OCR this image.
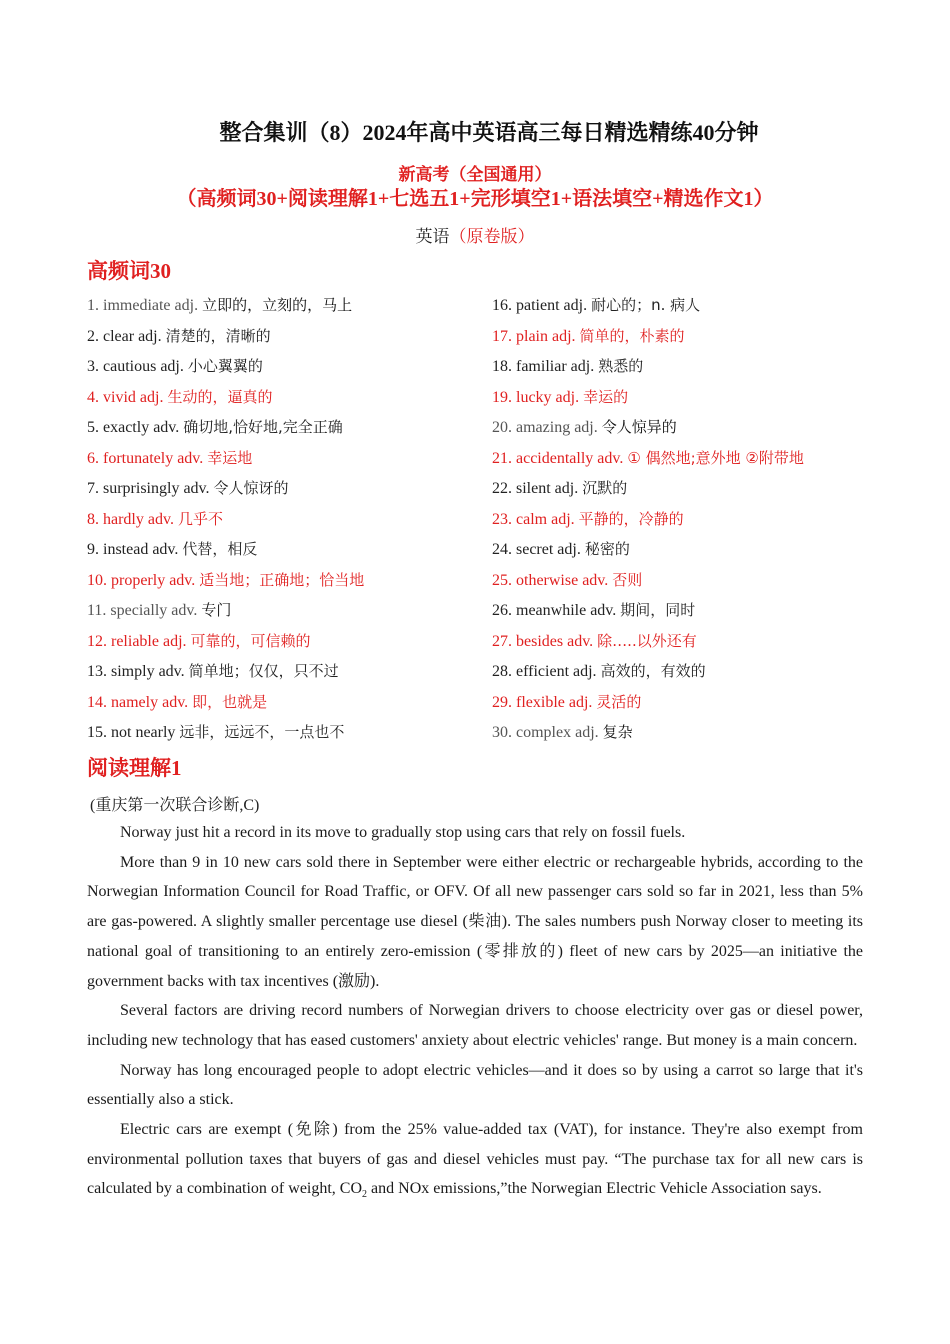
整合集训（8）2024年高中英语高三每日精选精练40分钟
新高考（全国通用）
（高频词30+阅读理解1+七选五1+完形填空1+语法填空+精选作文1）
英语（原卷版）
高频词30
1. immediate adj. 立即的，立刻的，马上
2. clear adj. 清楚的，清晰的
3. cautious adj. 小心翼翼的
4. vivid adj. 生动的，逼真的
5. exactly adv. 确切地,恰好地,完全正确
6. fortunately adv. 幸运地
7. surprisingly adv. 令人惊讶的
8. hardly adv. 几乎不
9. instead adv. 代替，相反
10. properly adv. 适当地；正确地；恰当地
11. specially adv. 专门
12. reliable adj. 可靠的，可信赖的
13. simply adv. 简单地；仅仅，只不过
14. namely adv. 即，也就是
15. not nearly 远非，远远不，一点也不
16. patient adj. 耐心的；n. 病人
17. plain adj. 简单的，朴素的
18. familiar adj. 熟悉的
19. lucky adj. 幸运的
20. amazing adj. 令人惊异的
21. accidentally adv. ① 偶然地;意外地 ②附带地
22. silent adj. 沉默的
23. calm adj. 平静的，冷静的
24. secret adj. 秘密的
25. otherwise adv. 否则
26. meanwhile adv. 期间，同时
27. besides adv. 除…..以外还有
28. efficient adj. 高效的，有效的
29. flexible adj. 灵活的
30. complex adj. 复杂
阅读理解1
(重庆第一次联合诊断,C)

Norway just hit a record in its move to gradually stop using cars that rely on fossil fuels.

More than 9 in 10 new cars sold there in September were either electric or rechargeable hybrids, according to the Norwegian Information Council for Road Traffic, or OFV. Of all new passenger cars sold so far in 2021, less than 5% are gas‑powered. A slightly smaller percentage use diesel (柴油). The sales numbers push Norway closer to meeting its national goal of transitioning to an entirely zero‑emission (零排放的) fleet of new cars by 2025—an initiative the government backs with tax incentives (激励).

Several factors are driving record numbers of Norwegian drivers to choose electricity over gas or diesel power, including new technology that has eased customers' anxiety about electric vehicles' range. But money is a main concern.

Norway has long encouraged people to adopt electric vehicles—and it does so by using a carrot so large that it's essentially also a stick.

Electric cars are exempt (免除) from the 25% value‑added tax (VAT), for instance. They're also exempt from environmental pollution taxes that buyers of gas and diesel vehicles must pay. “The purchase tax for all new cars is calculated by a combination of weight, $CO_2$ and NOx emissions,”the Norwegian Electric Vehicle Association says.
